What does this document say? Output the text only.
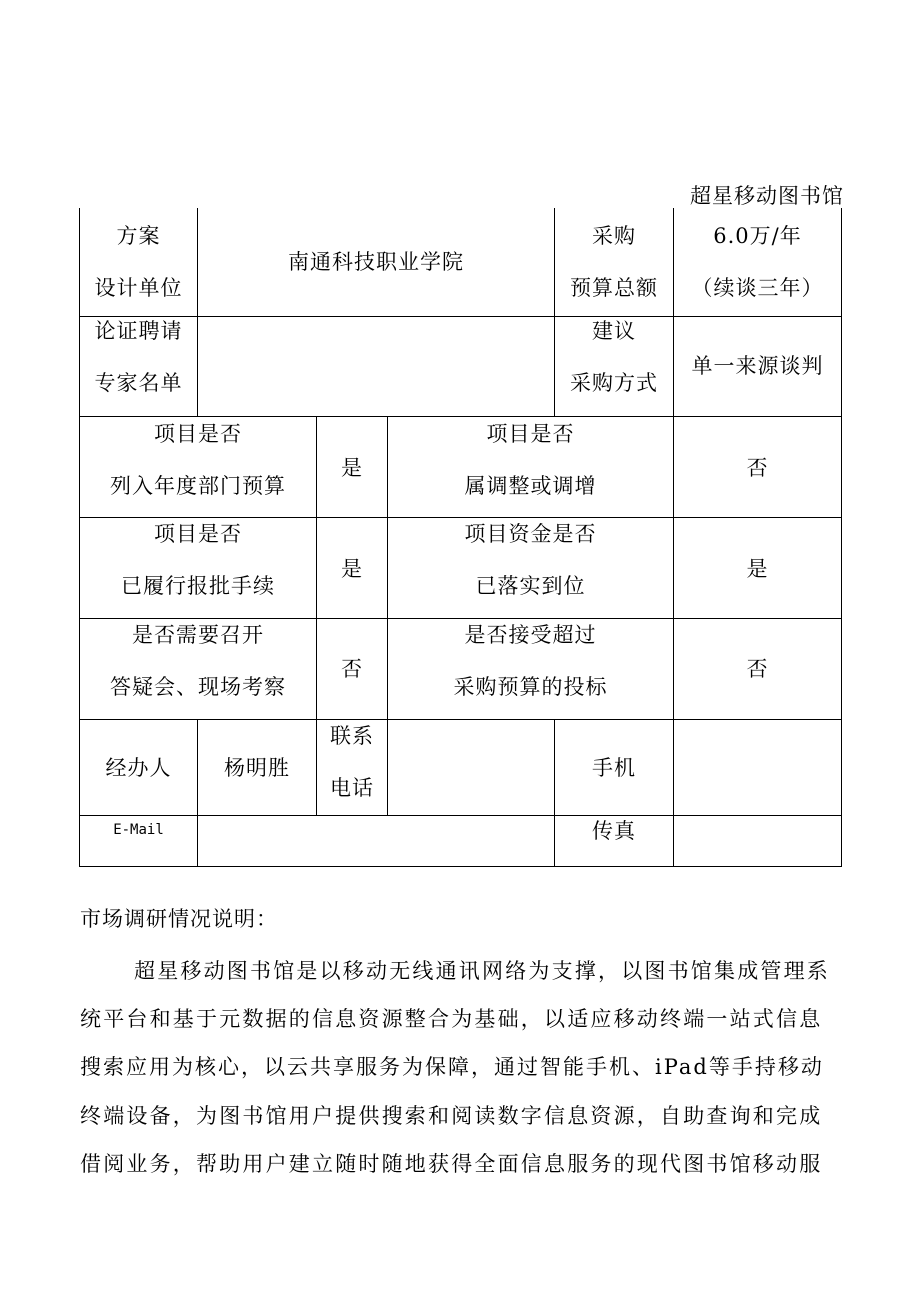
超星移动图书馆
方案
设计单位
南通科技职业学院
采购
预算总额
6.0万/年
（续谈三年）
论证聘请
专家名单
建议
采购方式
单一来源谈判
项目是否
列入年度部门预算
是
项目是否
属调整或调增
否
项目是否
已履行报批手续
是
项目资金是否
已落实到位
是
是否需要召开
答疑会、现场考察
否
是否接受超过
采购预算的投标
否
经办人	杨明胜
联系
电话
手机
E-Mail	传真
市场调研情况说明：
超星移动图书馆是以移动无线通讯网络为支撑，以图书馆集成管理系
统平台和基于元数据的信息资源整合为基础，以适应移动终端一站式信息
搜索应用为核心，以云共享服务为保障，通过智能手机、iPad等手持移动
终端设备，为图书馆用户提供搜索和阅读数字信息资源，自助查询和完成
借阅业务，帮助用户建立随时随地获得全面信息服务的现代图书馆移动服
